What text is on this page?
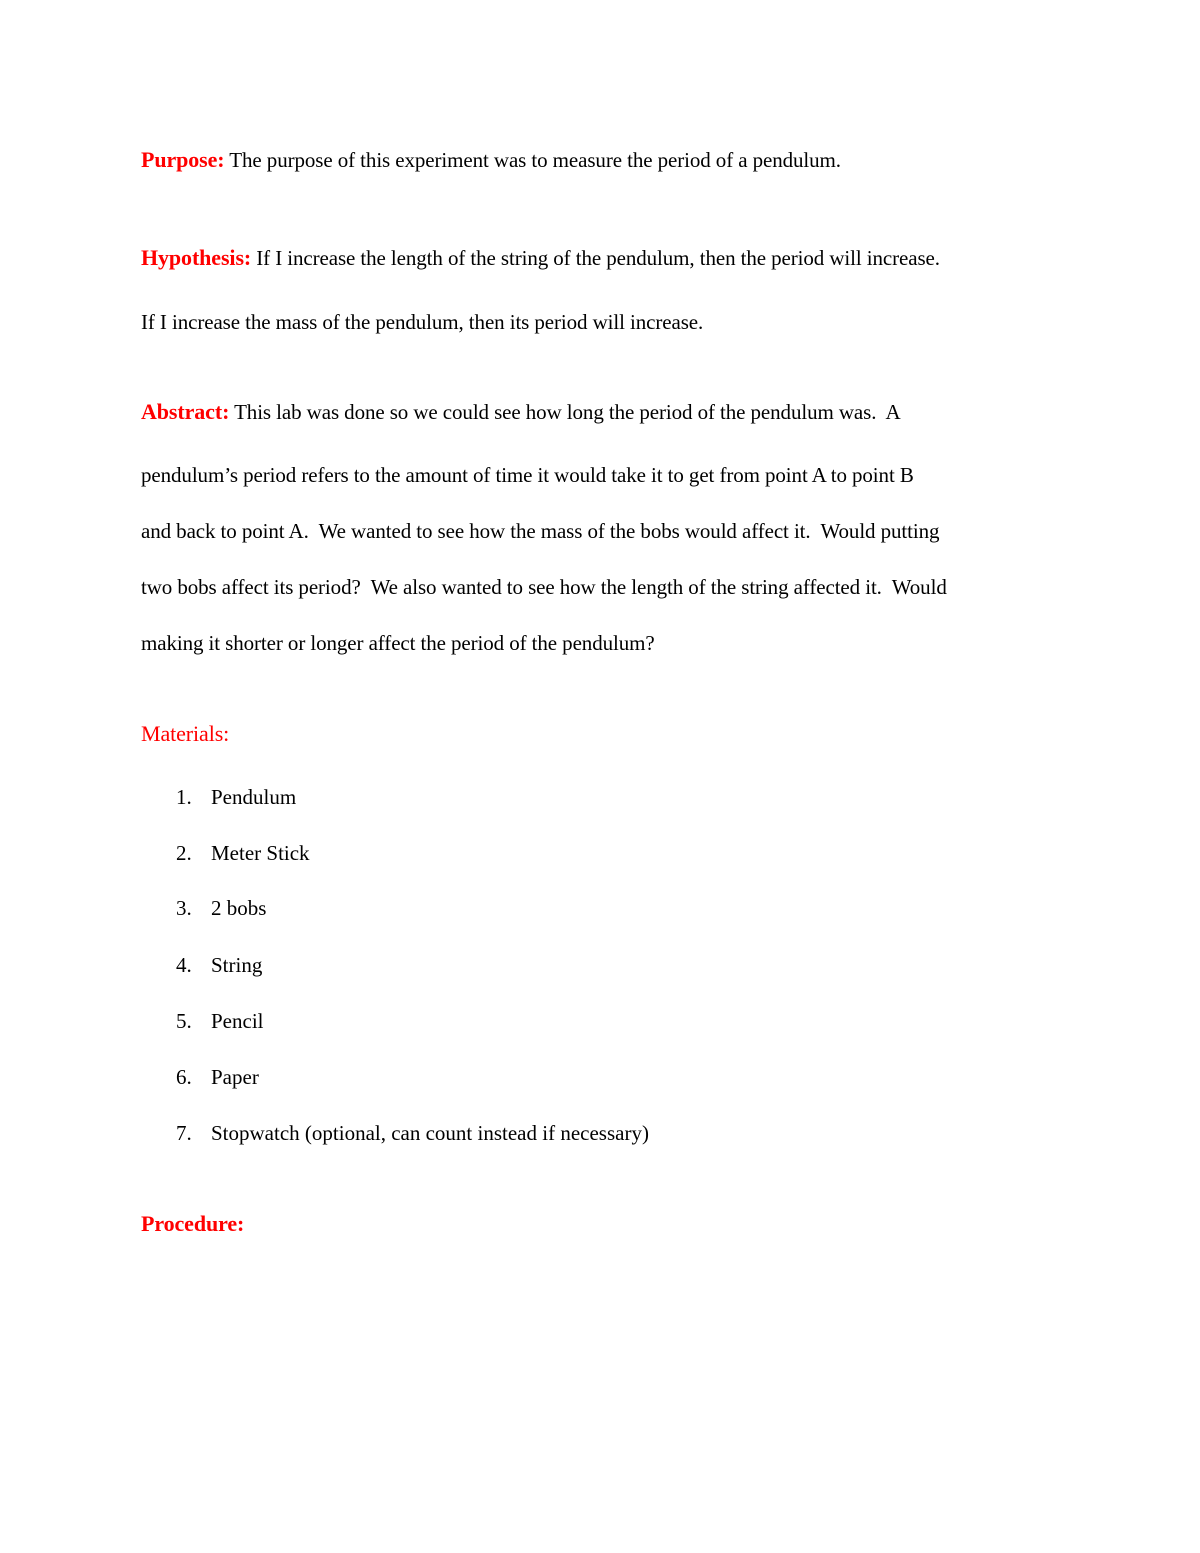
Purpose: The purpose of this experiment was to measure the period of a pendulum.
Hypothesis: If I increase the length of the string of the pendulum, then the period will increase.
If I increase the mass of the pendulum, then its period will increase.
Abstract: This lab was done so we could see how long the period of the pendulum was.  A
pendulum’s period refers to the amount of time it would take it to get from point A to point B
and back to point A.  We wanted to see how the mass of the bobs would affect it.  Would putting
two bobs affect its period?  We also wanted to see how the length of the string affected it.  Would
making it shorter or longer affect the period of the pendulum?
Materials:
1. Pendulum
2. Meter Stick
3. 2 bobs
4. String
5. Pencil
6. Paper
7. Stopwatch (optional, can count instead if necessary)
Procedure:
